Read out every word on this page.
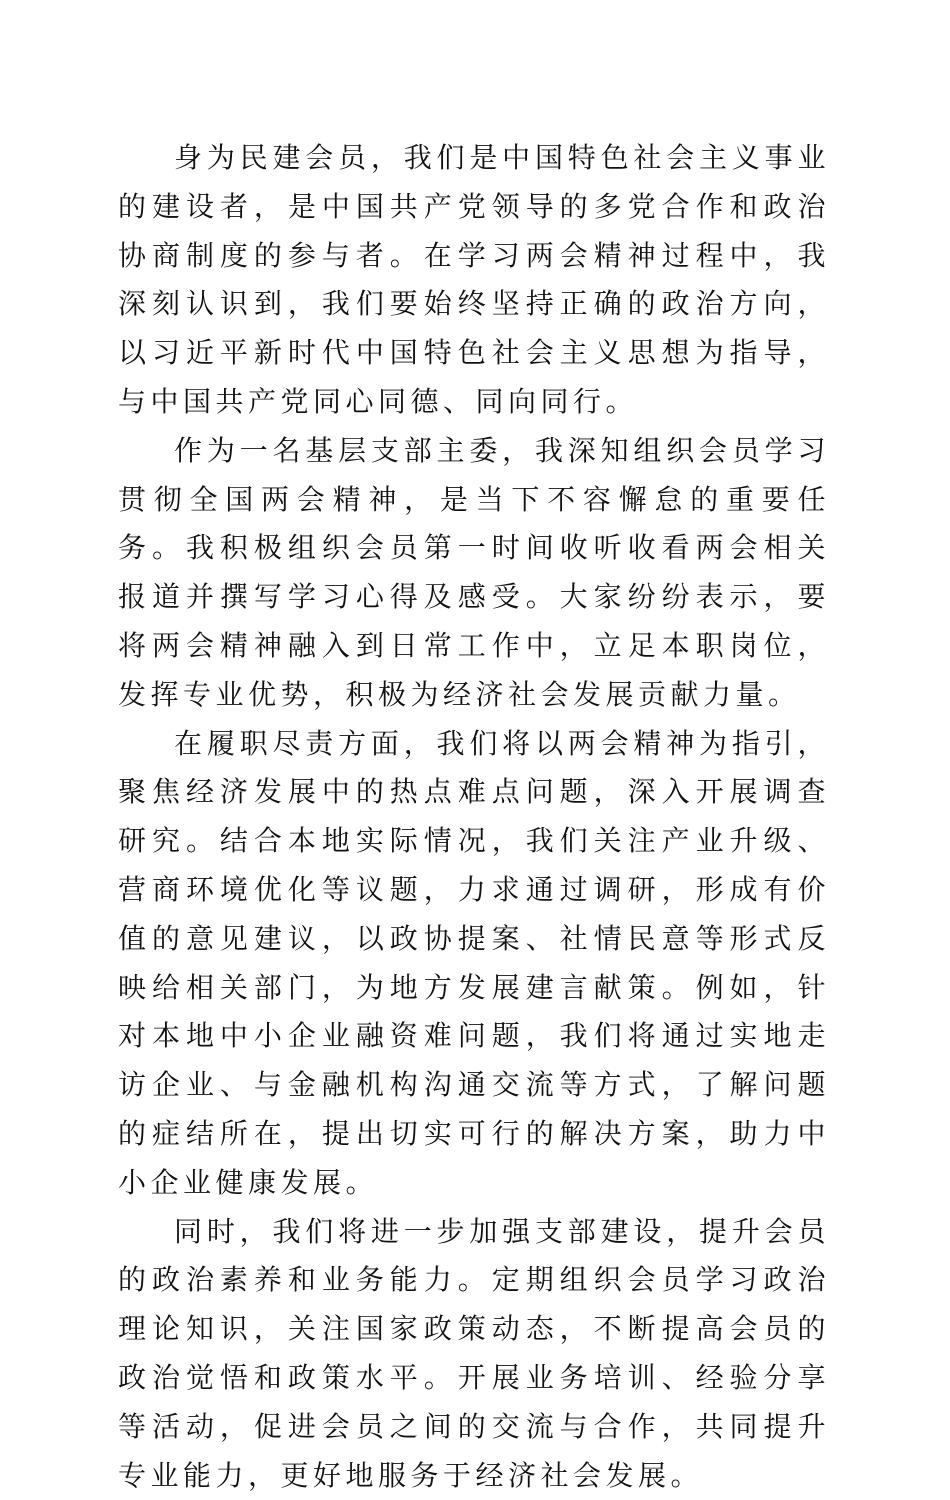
身为民建会员，我们是中国特色社会主义事业的建设者，是中国共产党领导的多党合作和政治协商制度的参与者。在学习两会精神过程中，我深刻认识到，我们要始终坚持正确的政治方向，以习近平新时代中国特色社会主义思想为指导，与中国共产党同心同德、同向同行。

作为一名基层支部主委，我深知组织会员学习贯彻全国两会精神，是当下不容懈怠的重要任务。我积极组织会员第一时间收听收看两会相关报道并撰写学习心得及感受。大家纷纷表示，要将两会精神融入到日常工作中，立足本职岗位，发挥专业优势，积极为经济社会发展贡献力量。

在履职尽责方面，我们将以两会精神为指引，聚焦经济发展中的热点难点问题，深入开展调查研究。结合本地实际情况，我们关注产业升级、营商环境优化等议题，力求通过调研，形成有价值的意见建议，以政协提案、社情民意等形式反映给相关部门，为地方发展建言献策。例如，针对本地中小企业融资难问题，我们将通过实地走访企业、与金融机构沟通交流等方式，了解问题的症结所在，提出切实可行的解决方案，助力中小企业健康发展。

同时，我们将进一步加强支部建设，提升会员的政治素养和业务能力。定期组织会员学习政治理论知识，关注国家政策动态，不断提高会员的政治觉悟和政策水平。开展业务培训、经验分享等活动，促进会员之间的交流与合作，共同提升专业能力，更好地服务于经济社会发展。
